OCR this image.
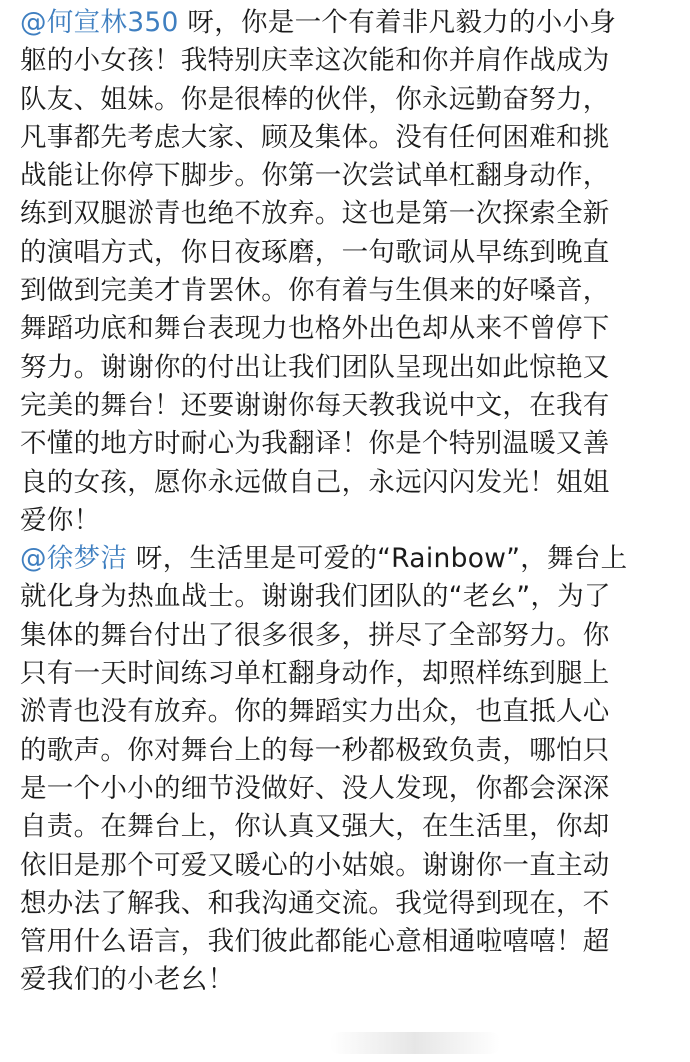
@何宣林350 呀，你是一个有着非凡毅力的小小身
躯的小女孩！我特别庆幸这次能和你并肩作战成为
队友、姐妹。你是很棒的伙伴，你永远勤奋努力，
凡事都先考虑大家、顾及集体。没有任何困难和挑
战能让你停下脚步。你第一次尝试单杠翻身动作，
练到双腿淤青也绝不放弃。这也是第一次探索全新
的演唱方式，你日夜琢磨，一句歌词从早练到晚直
到做到完美才肯罢休。你有着与生俱来的好嗓音，
舞蹈功底和舞台表现力也格外出色却从来不曾停下
努力。谢谢你的付出让我们团队呈现出如此惊艳又
完美的舞台！还要谢谢你每天教我说中文，在我有
不懂的地方时耐心为我翻译！你是个特别温暖又善
良的女孩，愿你永远做自己，永远闪闪发光！姐姐
爱你！

@徐梦洁 呀，生活里是可爱的“Rainbow”，舞台上
就化身为热血战士。谢谢我们团队的“老幺”，为了
集体的舞台付出了很多很多，拼尽了全部努力。你
只有一天时间练习单杠翻身动作，却照样练到腿上
淤青也没有放弃。你的舞蹈实力出众，也直抵人心
的歌声。你对舞台上的每一秒都极致负责，哪怕只
是一个小小的细节没做好、没人发现，你都会深深
自责。在舞台上，你认真又强大，在生活里，你却
依旧是那个可爱又暖心的小姑娘。谢谢你一直主动
想办法了解我、和我沟通交流。我觉得到现在，不
管用什么语言，我们彼此都能心意相通啦嘻嘻！超
爱我们的小老幺！
